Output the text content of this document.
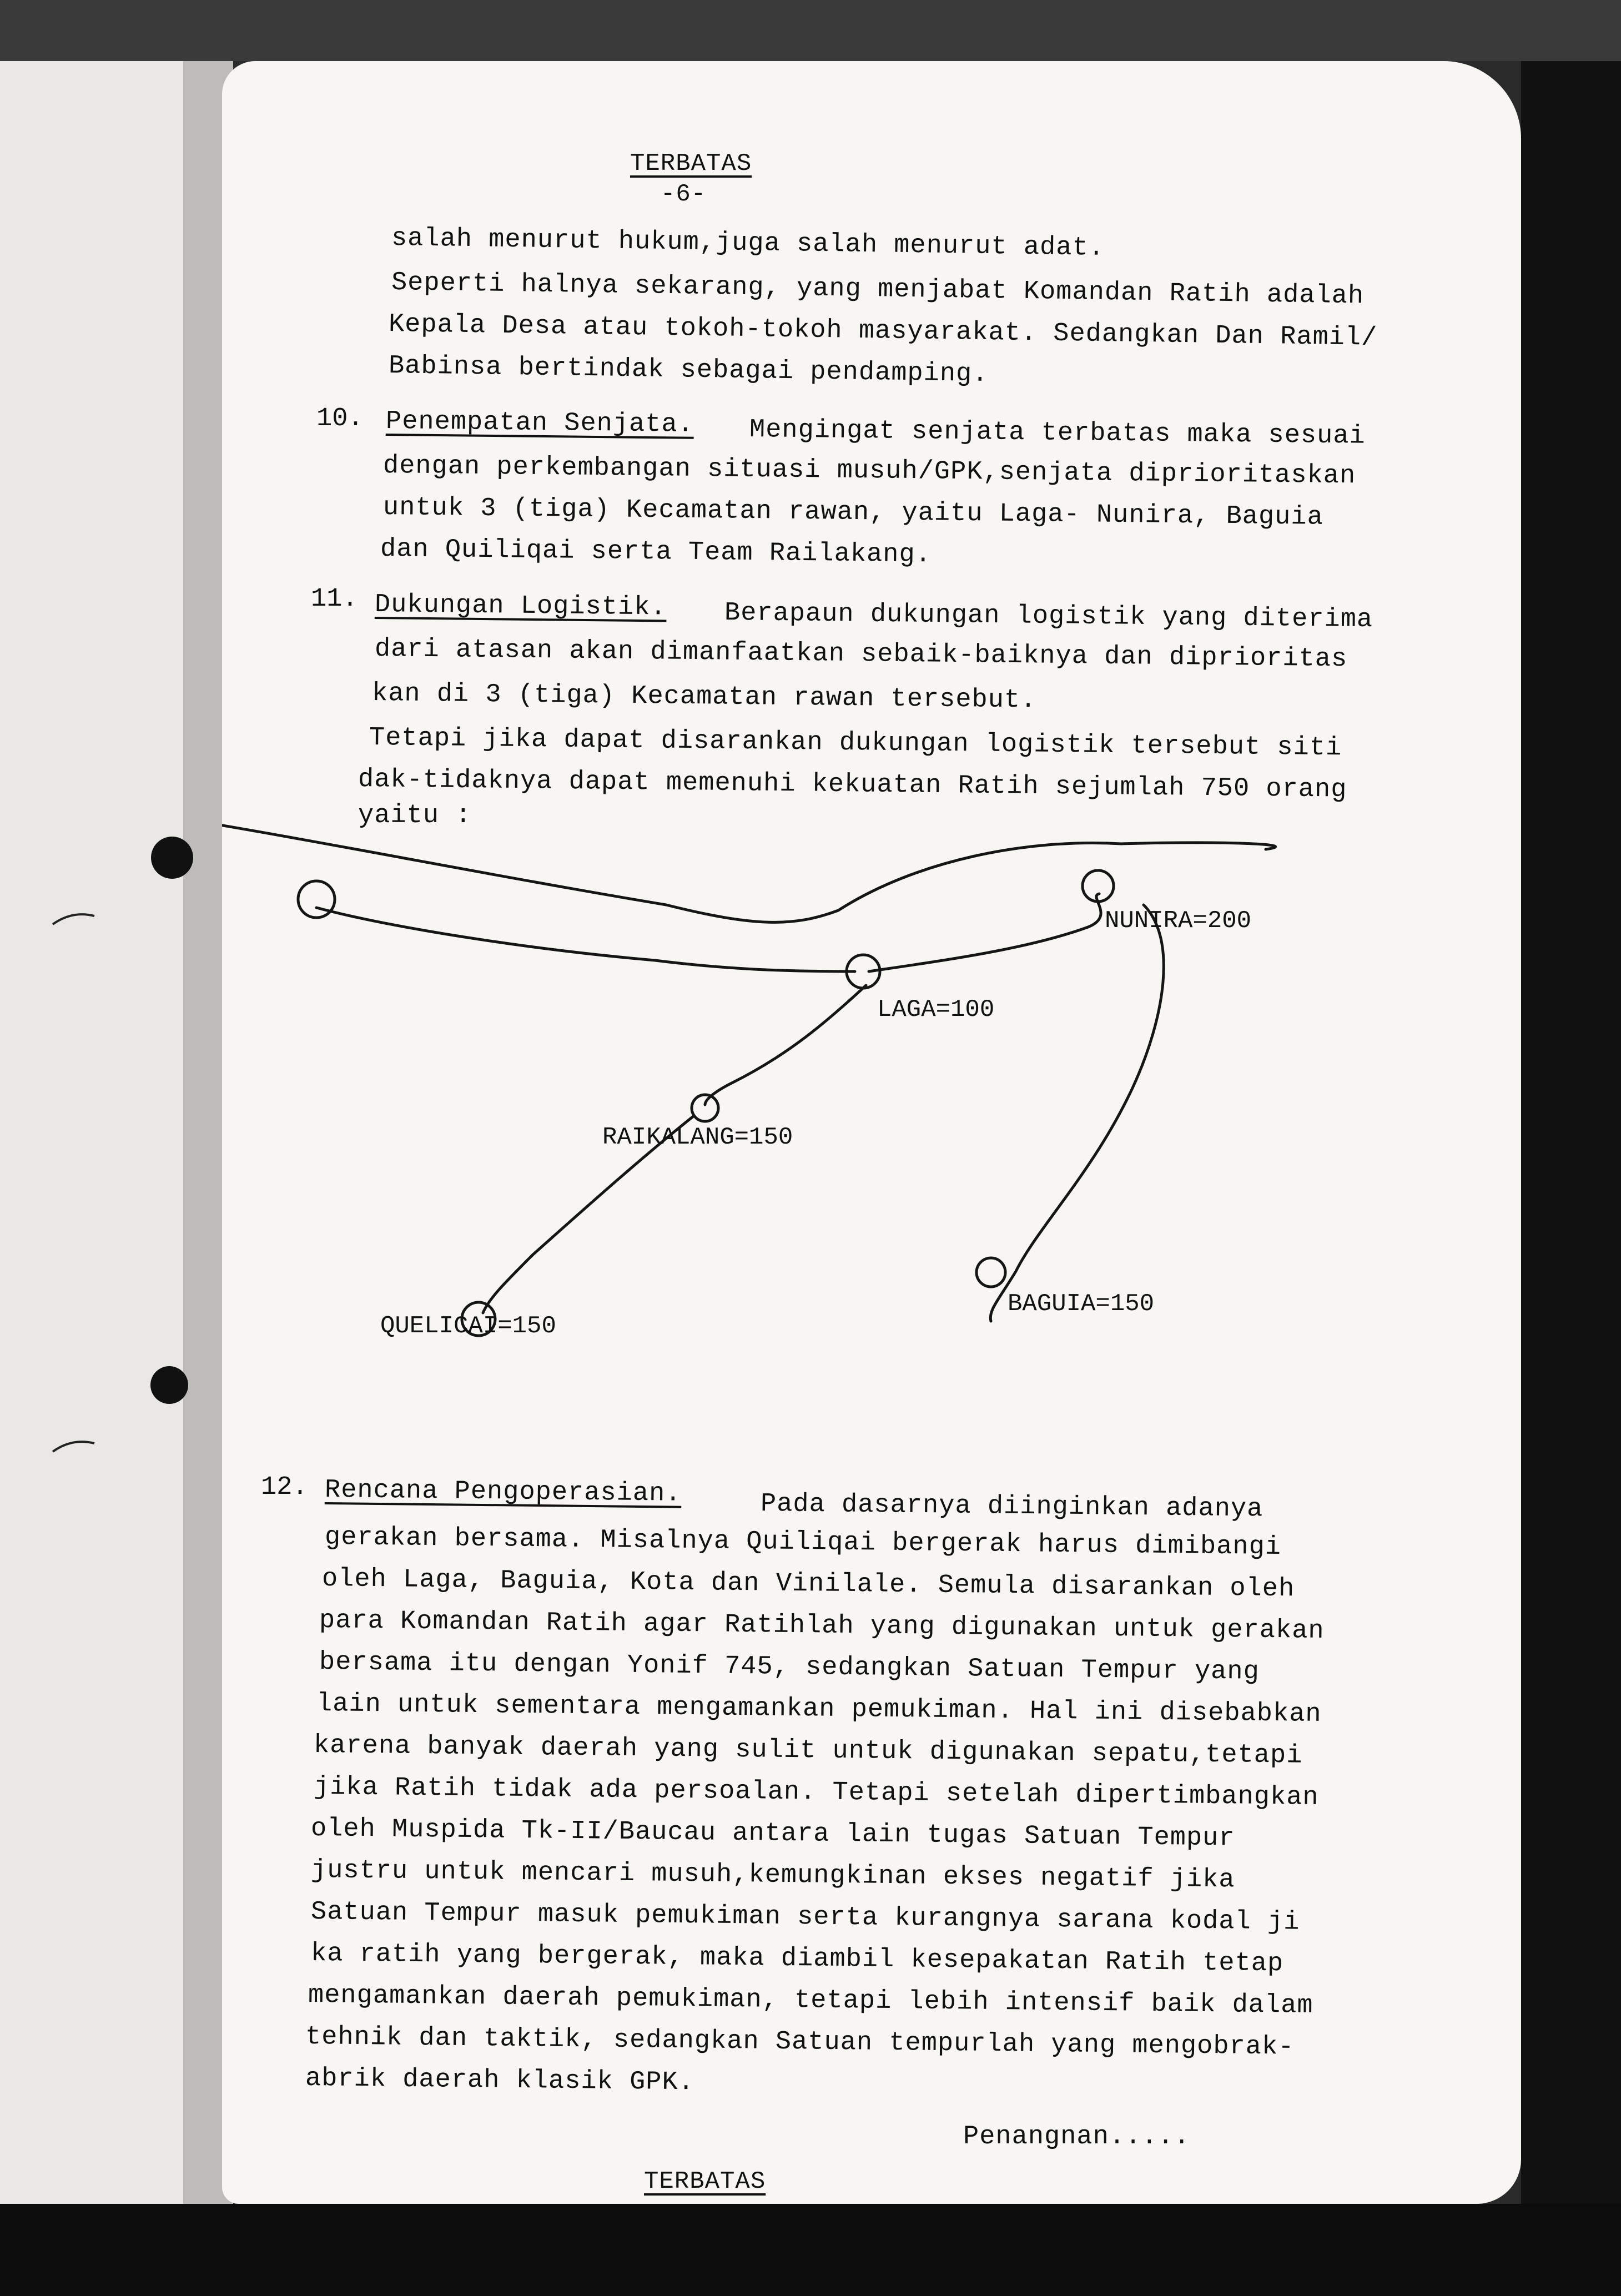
TERBATAS
-6-
salah menurut hukum,juga salah menurut adat.
Seperti halnya sekarang, yang menjabat Komandan Ratih adalah
Kepala Desa atau tokoh-tokoh masyarakat. Sedangkan Dan Ramil/
Babinsa bertindak sebagai pendamping.
10. Penempatan Senjata. Mengingat senjata terbatas maka sesuai
dengan perkembangan situasi musuh/GPK,senjata diprioritaskan
untuk 3 (tiga) Kecamatan rawan, yaitu Laga- Nunira, Baguia
dan Quiliqai serta Team Railakang.
11. Dukungan Logistik. Berapaun dukungan logistik yang diterima
dari atasan akan dimanfaatkan sebaik-baiknya dan diprioritas
kan di 3 (tiga) Kecamatan rawan tersebut.
Tetapi jika dapat disarankan dukungan logistik tersebut siti
dak-tidaknya dapat memenuhi kekuatan Ratih sejumlah 750 orang
yaitu :
NUNIRA=200
LAGA=100
RAIKALANG=150
QUELICAI=150
BAGUIA=150
12. Rencana Pengoperasian.	Pada dasarnya diinginkan adanya
gerakan bersama. Misalnya Quiliqai bergerak harus dimibangi
oleh Laga, Baguia, Kota dan Vinilale. Semula disarankan oleh
para Komandan Ratih agar Ratihlah yang digunakan untuk gerakan
bersama itu dengan Yonif 745, sedangkan Satuan Tempur yang
lain untuk sementara mengamankan pemukiman. Hal ini disebabkan
karena banyak daerah yang sulit untuk digunakan sepatu,tetapi
jika Ratih tidak ada persoalan. Tetapi setelah dipertimbangkan
oleh Muspida Tk-II/Baucau antara lain tugas Satuan Tempur
justru untuk mencari musuh,kemungkinan ekses negatif jika
Satuan Tempur masuk pemukiman serta kurangnya sarana kodal ji
ka ratih yang bergerak, maka diambil kesepakatan Ratih tetap
mengamankan daerah pemukiman, tetapi lebih intensif baik dalam
tehnik dan taktik, sedangkan Satuan tempurlah yang mengobrak-
abrik daerah klasik GPK.
Penangnan.....
TERBATAS
